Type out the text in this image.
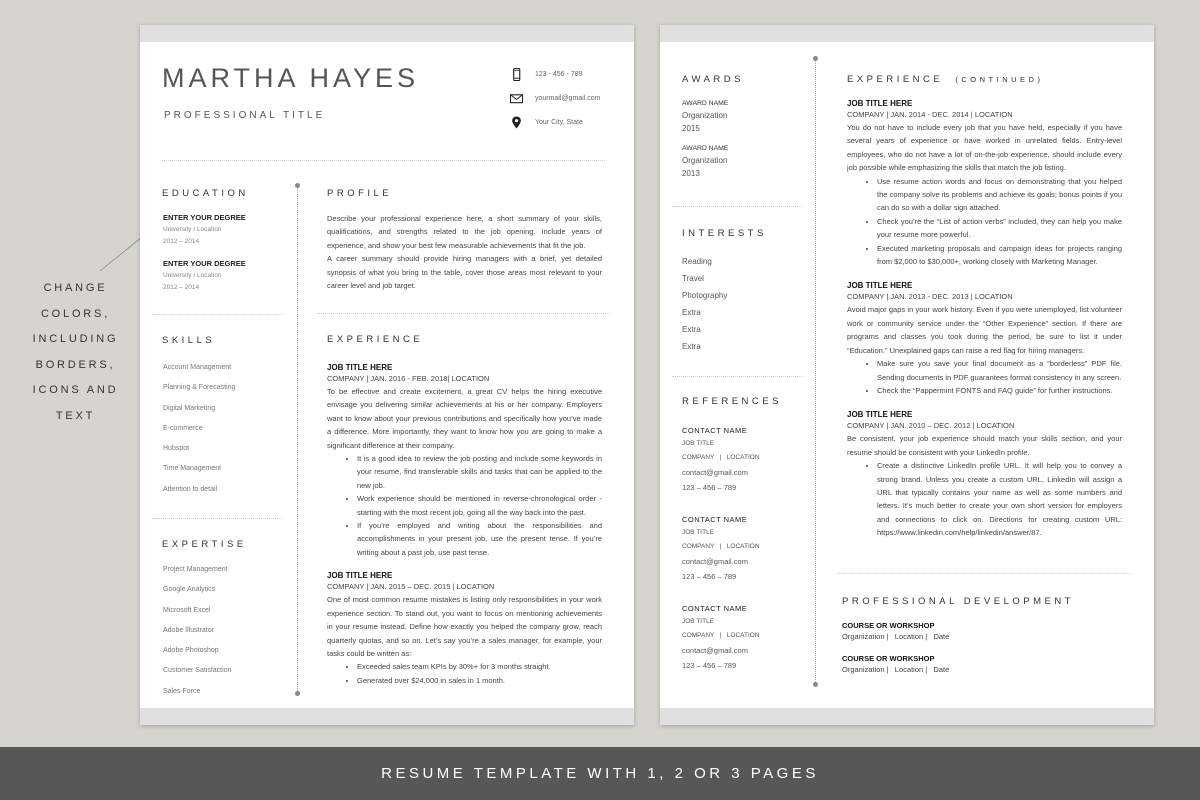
CHANGE COLORS, INCLUDING BORDERS, ICONS AND TEXT
MARTHA HAYES
PROFESSIONAL TITLE
123 - 456 - 789
yourmail@gmail.com
Your City, State
EDUCATION
ENTER YOUR DEGREE
University / Location
2012 – 2014
ENTER YOUR DEGREE
University / Location
2012 – 2014
SKILLS
Account Management
Planning & Forecasting
Digital Marketing
E-commerce
Hubspot
Time Management
Attention to detail
EXPERTISE
Project Management
Google Analytics
Microsoft Excel
Adobe Illustrator
Adobe Photoshop
Customer Satisfaction
Sales Force
PROFILE
Describe your professional experience here, a short summary of your skills, qualifications, and strengths related to the job opening. Include years of experience, and show your best few measurable achievements that fit the job.
A career summary should provide hiring managers with a brief, yet detailed synopsis of what you bring to the table, cover those areas most relevant to your career level and job target.
EXPERIENCE
JOB TITLE HERE
COMPANY | JAN. 2016 - FEB. 2018| LOCATION
To be effective and create excitement, a great CV helps the hiring executive envisage you delivering similar achievements at his or her company. Employers want to know about your previous contributions and specifically how you’ve made a difference. More importantly, they want to know how you are going to make a significant difference at their company.
• It is a good idea to review the job posting and include some keywords in your resume, find transferable skills and tasks that can be applied to the new job.
• Work experience should be mentioned in reverse-chronological order - starting with the most recent job, going all the way back into the past.
• If you’re employed and writing about the responsibilities and accomplishments in your present job, use the present tense. If you’re writing about a past job, use past tense.
JOB TITLE HERE
COMPANY | JAN. 2015 – DEC. 2015 | LOCATION
One of most common resume mistakes is listing only responsibilities in your work experience section. To stand out, you want to focus on mentioning achievements in your resume instead. Define how exactly you helped the company grow, reach quarterly quotas, and so on. Let’s say you’re a sales manager, for example, your tasks could be written as:
• Exceeded sales team KPIs by 30%+ for 3 months straight.
• Generated over $24,000 in sales in 1 month.
AWARDS
AWARD NAME
Organization
2015
AWARD NAME
Organization
2013
INTERESTS
Reading
Travel
Photography
Extra
Extra
Extra
REFERENCES
CONTACT NAME
JOB TITLE
COMPANY   |   LOCATION
contact@gmail.com
123 – 456 – 789
CONTACT NAME
JOB TITLE
COMPANY   |   LOCATION
contact@gmail.com
123 – 456 – 789
CONTACT NAME
JOB TITLE
COMPANY   |   LOCATION
contact@gmail.com
123 – 456 – 789
EXPERIENCE (CONTINUED)
JOB TITLE HERE
COMPANY | JAN. 2014 - DEC. 2014 | LOCATION
You do not have to include every job that you have held, especially if you have several years of experience or have worked in unrelated fields. Entry-level employees, who do not have a lot of on-the-job experience, should include every job possible while emphasizing the skills that match the job listing.
• Use resume action words and focus on demonstrating that you helped the company solve its problems and achieve its goals; bonus points if you can do so with a dollar sign attached.
• Check you’re the “List of action verbs” included, they can help you make your resume more powerful.
• Executed marketing proposals and campaign ideas for projects ranging from $2,000 to $30,000+, working closely with Marketing Manager.
JOB TITLE HERE
COMPANY | JAN. 2013 - DEC. 2013 | LOCATION
Avoid major gaps in your work history. Even if you were unemployed, list volunteer work or community service under the “Other Experience” section. If there are programs and classes you took during the period, be sure to list it under “Education.” Unexplained gaps can raise a red flag for hiring managers.
• Make sure you save your final document as a “borderless” PDF file. Sending documents in PDF guarantees format consistency in any screen.
• Check the “Pappermint FONTS and FAQ guide” for further instructions.
JOB TITLE HERE
COMPANY | JAN. 2010 – DEC. 2012 | LOCATION
Be consistent, your job experience should match your skills section, and your resume should be consistent with your LinkedIn profile.
• Create a distinctive LinkedIn profile URL. It will help you to convey a strong brand. Unless you create a custom URL, LinkedIn will assign a URL that typically contains your name as well as some numbers and letters. It’s much better to create your own short version for employers and connections to click on. Directions for creating custom URL: https://www.linkedin.com/help/linkedin/answer/87.
PROFESSIONAL DEVELOPMENT
COURSE OR WORKSHOP
Organization |   Location |   Date
COURSE OR WORKSHOP
Organization |   Location |   Date
RESUME TEMPLATE WITH 1, 2 OR 3 PAGES
